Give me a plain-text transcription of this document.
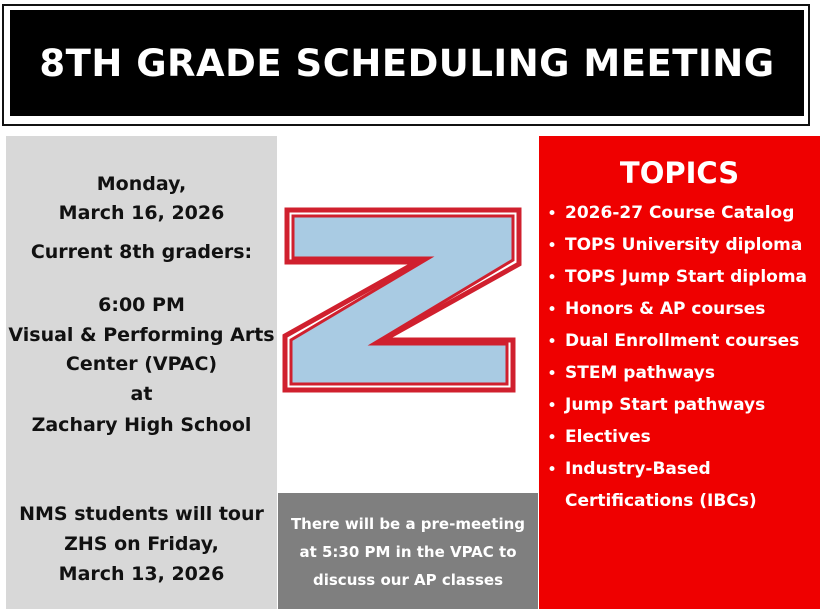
8TH GRADE SCHEDULING MEETING
Monday,
March 16, 2026
Current 8th graders:
6:00 PM
Visual & Performing Arts
Center (VPAC)
at
Zachary High School
NMS students will tour
ZHS on Friday,
March 13, 2026
There will be a pre-meeting
at 5:30 PM in the VPAC to
discuss our AP classes
TOPICS
• 2026-27 Course Catalog
• TOPS University diploma
• TOPS Jump Start diploma
• Honors & AP courses
• Dual Enrollment courses
• STEM pathways
• Jump Start pathways
• Electives
• Industry-Based
Certifications (IBCs)
